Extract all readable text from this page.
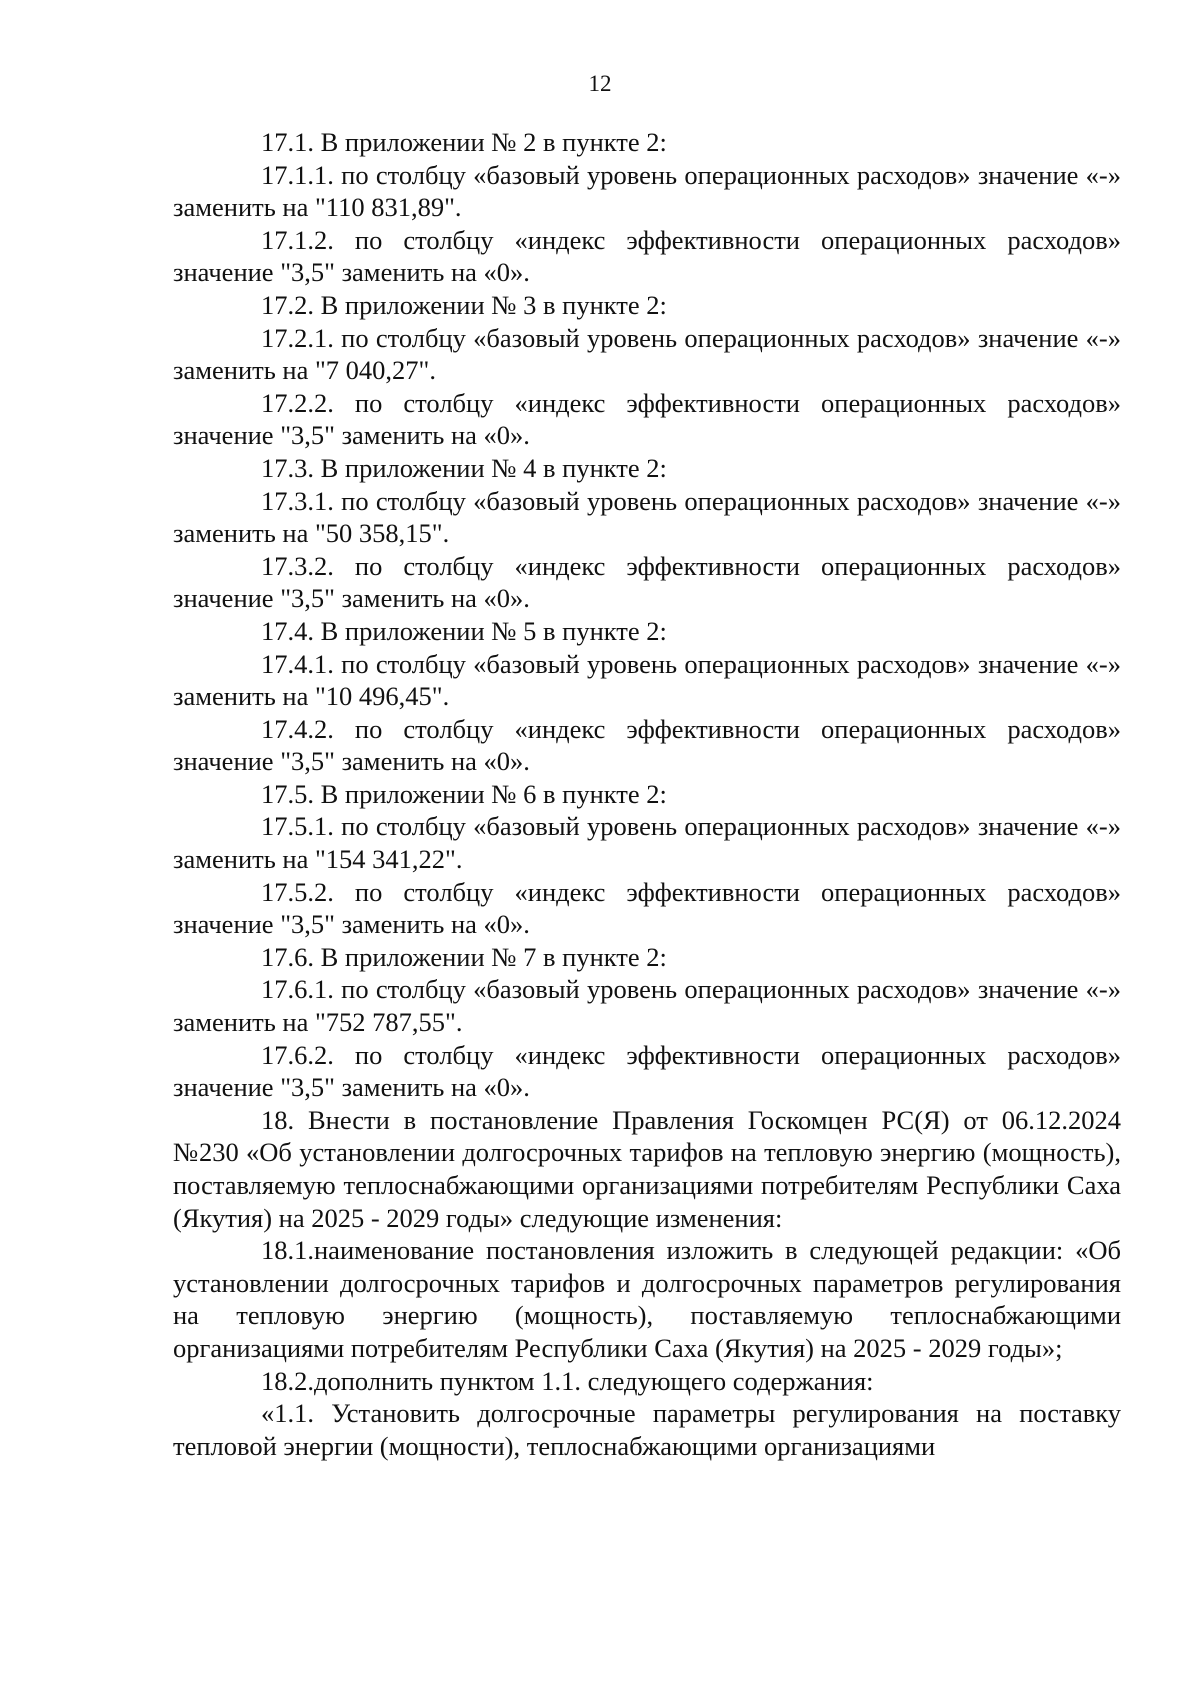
12

17.1. В приложении № 2 в пункте 2:

17.1.1. по столбцу «базовый уровень операционных расходов» значение «-» заменить на "110 831,89".

17.1.2. по столбцу «индекс эффективности операционных расходов» значение "3,5" заменить на «0».

17.2. В приложении № 3 в пункте 2:

17.2.1. по столбцу «базовый уровень операционных расходов» значение «-» заменить на "7 040,27".

17.2.2. по столбцу «индекс эффективности операционных расходов» значение "3,5" заменить на «0».

17.3. В приложении № 4 в пункте 2:

17.3.1. по столбцу «базовый уровень операционных расходов» значение «-» заменить на "50 358,15".

17.3.2. по столбцу «индекс эффективности операционных расходов» значение "3,5" заменить на «0».

17.4. В приложении № 5 в пункте 2:

17.4.1. по столбцу «базовый уровень операционных расходов» значение «-» заменить на "10 496,45".

17.4.2. по столбцу «индекс эффективности операционных расходов» значение "3,5" заменить на «0».

17.5. В приложении № 6 в пункте 2:

17.5.1. по столбцу «базовый уровень операционных расходов» значение «-» заменить на "154 341,22".

17.5.2. по столбцу «индекс эффективности операционных расходов» значение "3,5" заменить на «0».

17.6. В приложении № 7 в пункте 2:

17.6.1. по столбцу «базовый уровень операционных расходов» значение «-» заменить на "752 787,55".

17.6.2. по столбцу «индекс эффективности операционных расходов» значение "3,5" заменить на «0».

18. Внести в постановление Правления Госкомцен РС(Я) от 06.12.2024 №230 «Об установлении долгосрочных тарифов на тепловую энергию (мощность), поставляемую теплоснабжающими организациями потребителям Республики Саха (Якутия) на 2025 - 2029 годы» следующие изменения:

18.1.наименование постановления изложить в следующей редакции: «Об установлении долгосрочных тарифов и долгосрочных параметров регулирования на тепловую энергию (мощность), поставляемую теплоснабжающими организациями потребителям Республики Саха (Якутия) на 2025 - 2029 годы»;

18.2.дополнить пунктом 1.1. следующего содержания:

«1.1. Установить долгосрочные параметры регулирования на поставку тепловой энергии (мощности), теплоснабжающими организациями
